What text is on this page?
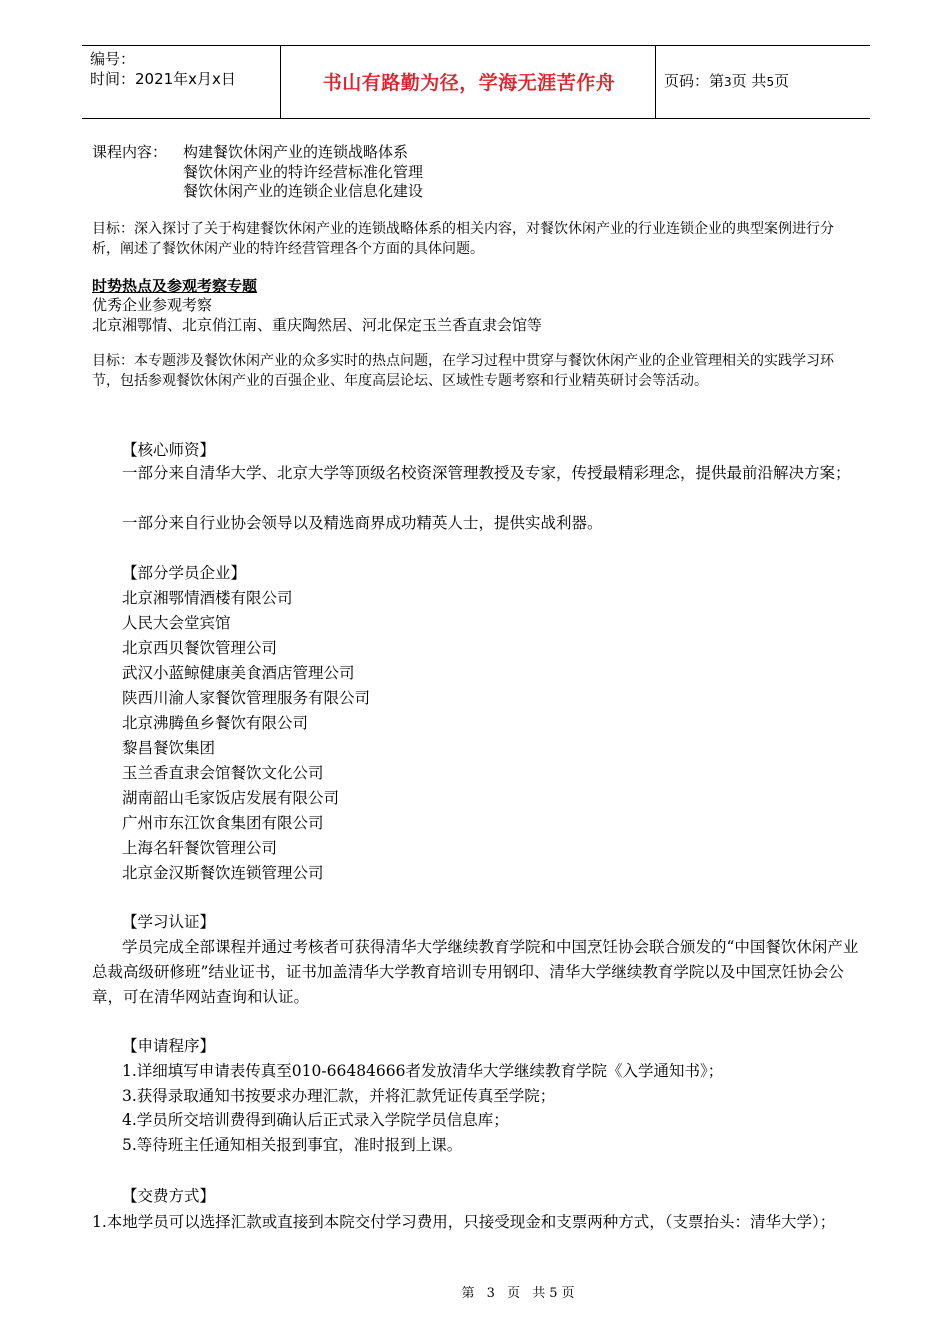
编号：
时间：2021年x月x日	书山有路勤为径，学海无涯苦作舟	页码：第3页 共5页
课程内容： 构建餐饮休闲产业的连锁战略体系
餐饮休闲产业的特许经营标准化管理
餐饮休闲产业的连锁企业信息化建设
目标：深入探讨了关于构建餐饮休闲产业的连锁战略体系的相关内容，对餐饮休闲产业的行业连锁企业的典型案例进行分析，阐述了餐饮休闲产业的特许经营管理各个方面的具体问题。
时势热点及参观考察专题
优秀企业参观考察
北京湘鄂情、北京俏江南、重庆陶然居、河北保定玉兰香直隶会馆等
目标：本专题涉及餐饮休闲产业的众多实时的热点问题，在学习过程中贯穿与餐饮休闲产业的企业管理相关的实践学习环节，包括参观餐饮休闲产业的百强企业、年度高层论坛、区域性专题考察和行业精英研讨会等活动。
【核心师资】
一部分来自清华大学、北京大学等顶级名校资深管理教授及专家，传授最精彩理念，提供最前沿解决方案；
一部分来自行业协会领导以及精选商界成功精英人士，提供实战利器。
【部分学员企业】
北京湘鄂情酒楼有限公司
人民大会堂宾馆
北京西贝餐饮管理公司
武汉小蓝鲸健康美食酒店管理公司
陕西川渝人家餐饮管理服务有限公司
北京沸腾鱼乡餐饮有限公司
黎昌餐饮集团
玉兰香直隶会馆餐饮文化公司
湖南韶山毛家饭店发展有限公司
广州市东江饮食集团有限公司
上海名轩餐饮管理公司
北京金汉斯餐饮连锁管理公司
【学习认证】
学员完成全部课程并通过考核者可获得清华大学继续教育学院和中国烹饪协会联合颁发的“中国餐饮休闲产业总裁高级研修班”结业证书，证书加盖清华大学教育培训专用钢印、清华大学继续教育学院以及中国烹饪协会公章，可在清华网站查询和认证。
【申请程序】
1.详细填写申请表传真至010-66484666者发放清华大学继续教育学院《入学通知书》；
3.获得录取通知书按要求办理汇款，并将汇款凭证传真至学院；
4.学员所交培训费得到确认后正式录入学院学员信息库；
5.等待班主任通知相关报到事宜，准时报到上课。
【交费方式】
1.本地学员可以选择汇款或直接到本院交付学习费用，只接受现金和支票两种方式，（支票抬头：清华大学）；
第 3 页 共5页
